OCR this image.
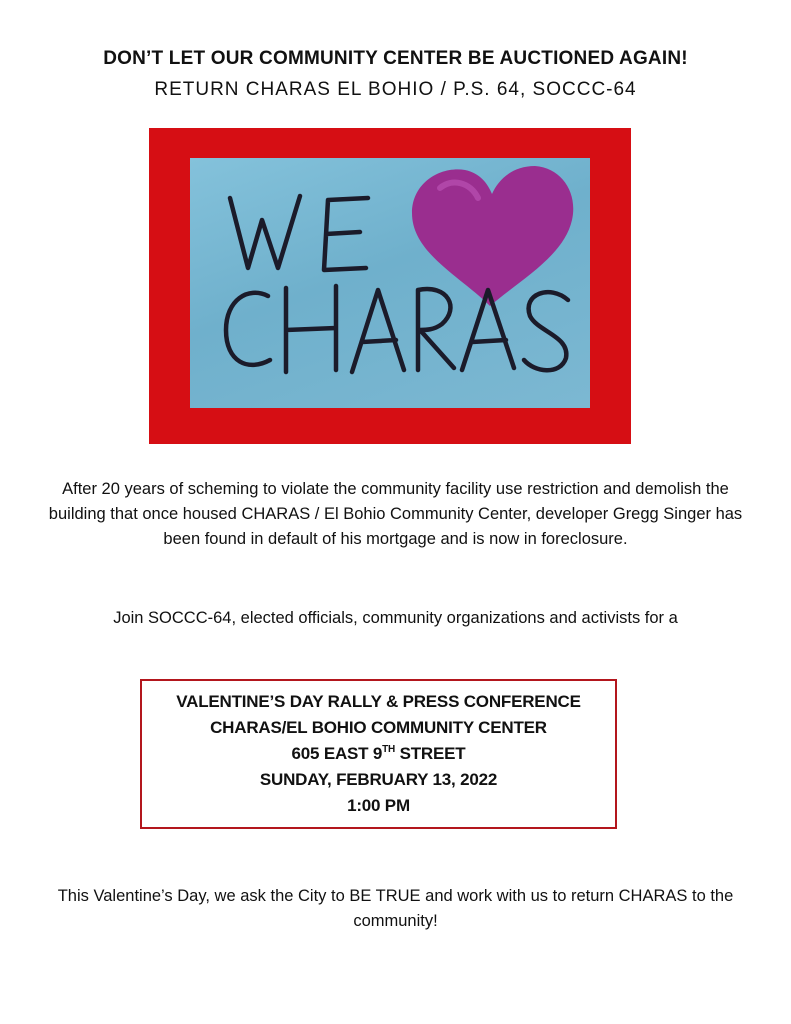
DON’T LET OUR COMMUNITY CENTER BE AUCTIONED AGAIN!
RETURN CHARAS EL BOHIO / P.S. 64, SOCCC-64
After 20 years of scheming to violate the community facility use restriction and demolish the building that once housed CHARAS / El Bohio Community Center, developer Gregg Singer has been found in default of his mortgage and is now in foreclosure.
Join SOCCC-64, elected officials, community organizations and activists for a
VALENTINE’S DAY RALLY & PRESS CONFERENCE
CHARAS/EL BOHIO COMMUNITY CENTER
605 EAST 9TH STREET
SUNDAY, FEBRUARY 13, 2022
1:00 PM
This Valentine’s Day, we ask the City to BE TRUE and work with us to return CHARAS to the community!
